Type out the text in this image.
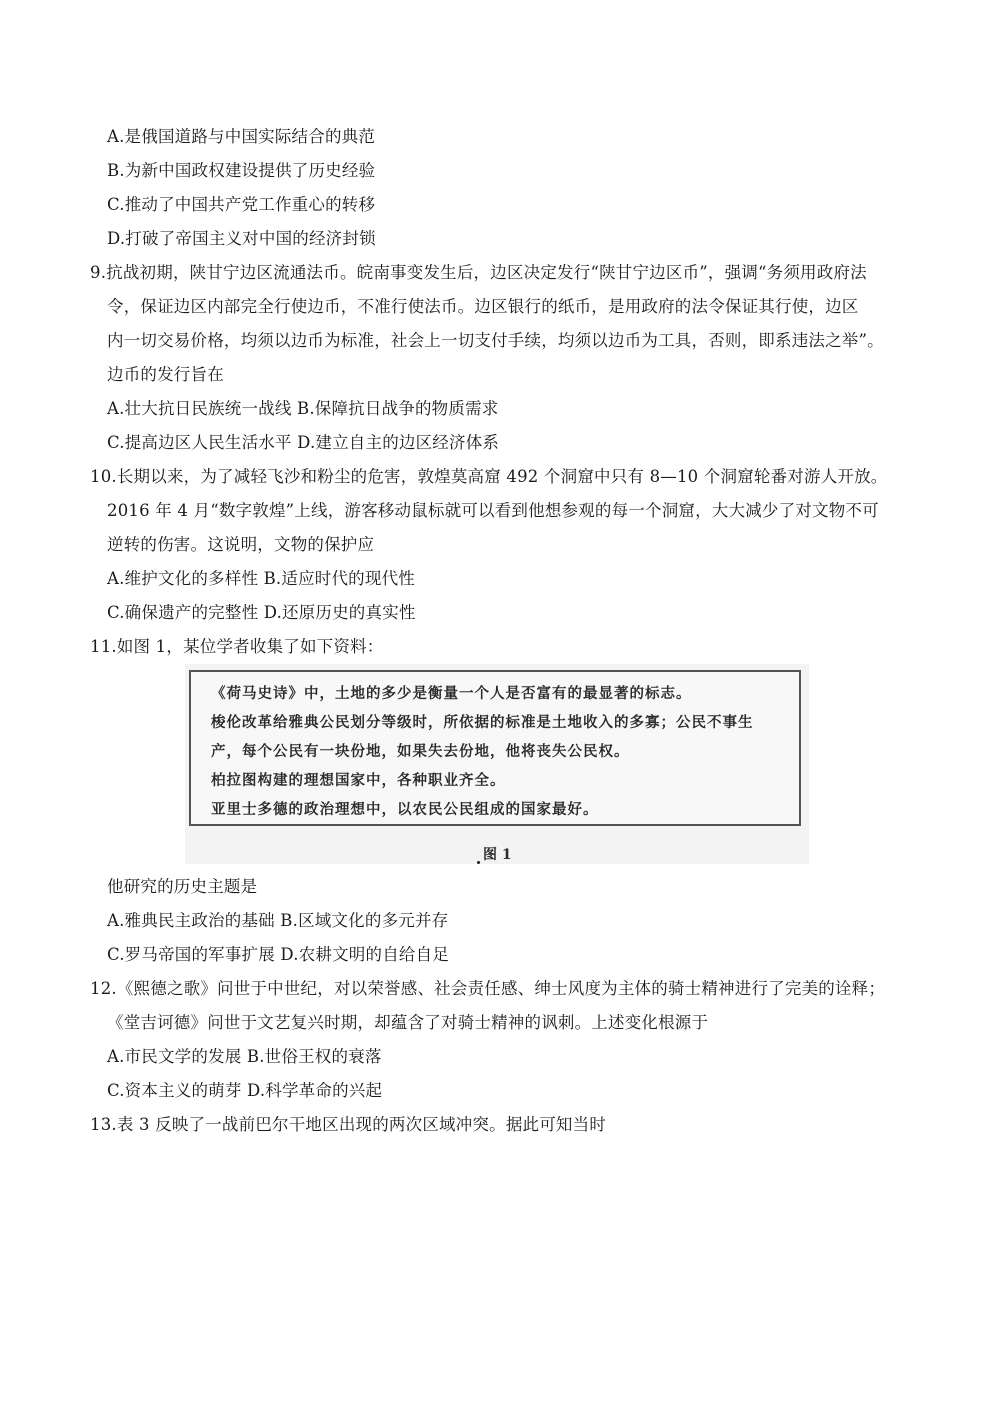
A.是俄国道路与中国实际结合的典范
B.为新中国政权建设提供了历史经验
C.推动了中国共产党工作重心的转移
D.打破了帝国主义对中国的经济封锁
9.抗战初期，陕甘宁边区流通法币。皖南事变发生后，边区决定发行“陕甘宁边区币”，强调“务须用政府法
令，保证边区内部完全行使边币，不准行使法币。边区银行的纸币，是用政府的法令保证其行使，边区
内一切交易价格，均须以边币为标准，社会上一切支付手续，均须以边币为工具，否则，即系违法之举”。
边币的发行旨在
A.壮大抗日民族统一战线 B.保障抗日战争的物质需求
C.提高边区人民生活水平 D.建立自主的边区经济体系
10.长期以来，为了减轻飞沙和粉尘的危害，敦煌莫高窟 492 个洞窟中只有 8—10 个洞窟轮番对游人开放。
2016 年 4 月“数字敦煌”上线，游客移动鼠标就可以看到他想参观的每一个洞窟，大大减少了对文物不可
逆转的伤害。这说明，文物的保护应
A.维护文化的多样性 B.适应时代的现代性
C.确保遗产的完整性 D.还原历史的真实性
11.如图 1，某位学者收集了如下资料：
《荷马史诗》中，土地的多少是衡量一个人是否富有的最显著的标志。
梭伦改革给雅典公民划分等级时，所依据的标准是土地收入的多寡；公民不事生
产，每个公民有一块份地，如果失去份地，他将丧失公民权。
柏拉图构建的理想国家中，各种职业齐全。
亚里士多德的政治理想中，以农民公民组成的国家最好。
图 1
他研究的历史主题是
A.雅典民主政治的基础 B.区域文化的多元并存
C.罗马帝国的军事扩展 D.农耕文明的自给自足
12.《熙德之歌》问世于中世纪，对以荣誉感、社会责任感、绅士风度为主体的骑士精神进行了完美的诠释；
《堂吉诃德》问世于文艺复兴时期，却蕴含了对骑士精神的讽刺。上述变化根源于
A.市民文学的发展 B.世俗王权的衰落
C.资本主义的萌芽 D.科学革命的兴起
13.表 3 反映了一战前巴尔干地区出现的两次区域冲突。据此可知当时
